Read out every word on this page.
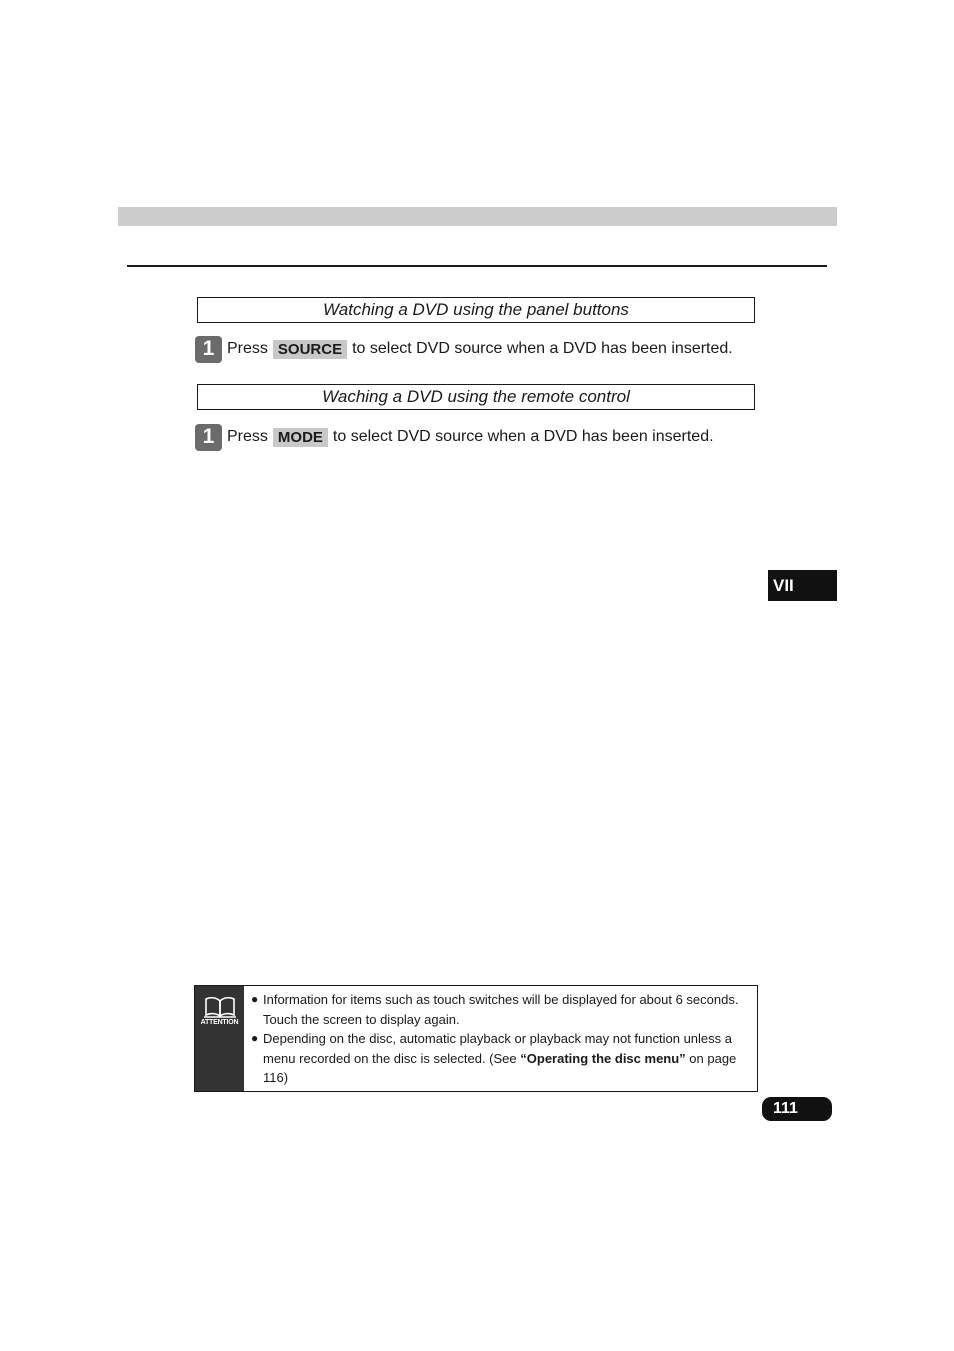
Watching a DVD using the panel buttons
1 Press SOURCE to select DVD source when a DVD has been inserted.
Waching a DVD using the remote control
1 Press MODE to select DVD source when a DVD has been inserted.
VII
ATTENTION
● Information for items such as touch switches will be displayed for about 6 seconds. Touch the screen to display again.
● Depending on the disc, automatic playback or playback may not function unless a menu recorded on the disc is selected. (See “Operating the disc menu” on page 116)
111
